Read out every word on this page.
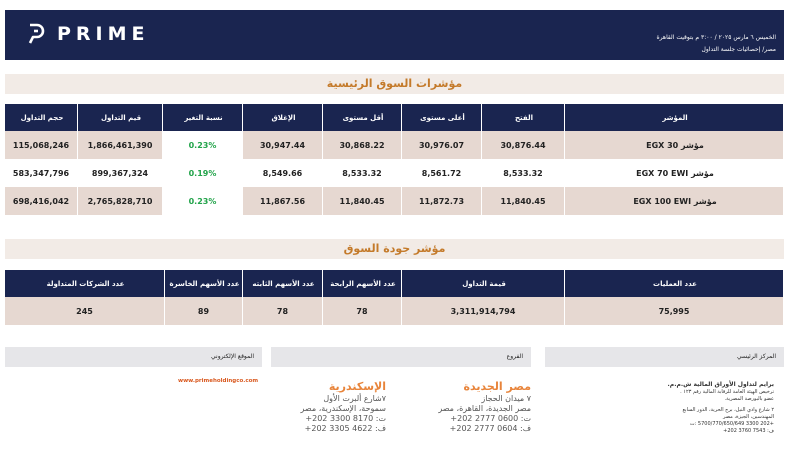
PRIME	الخميس ٦ مارس ٢٠٢٥ / ٣:٠٠ م بتوقيت القاهرة
مصر/ إحصائيات جلسة التداول
مؤشرات السوق الرئيسية
حجم التداول	قيم التداول	نسبة التغير	الإغلاق	أقل مستوى	أعلى مستوى	الفتح	المؤشر
115,068,246	1,866,461,390	0.23%	30,947.44	30,868.22	30,976.07	30,876.44	مؤشر EGX 30
583,347,796	899,367,324	0.19%	8,549.66	8,533.32	8,561.72	8,533.32	مؤشر EGX 70 EWI
698,416,042	2,765,828,710	0.23%	11,867.56	11,840.45	11,872.73	11,840.45	مؤشر EGX 100 EWI
مؤشر جودة السوق
عدد الشركات المتداولة	عدد الأسهم الخاسرة	عدد الأسهم الثابته	عدد الأسهم الرابحة	قيمة التداول	عدد العمليات
245	89	78	78	3,311,914,794	75,995
الموقع الإلكتروني	الفروع	المركز الرئيسي
www.primeholdingco.com	الإسكندرية
٧شارع ألبرت الأول
سموحة، الإسكندرية، مصر
ت: 8170 3300 202+
ف: 4622 3305 202+
مصر الجديدة
٧ ميدان الحجاز
مصر الجديدة، القاهرة، مصر
ت: 0600 2777 202+
ف: 0604 2777 202+
برايم لتداول الأوراق المالية ش.م.م.
ترخيص الهيئة العامة للرقابة المالية رقم ١٢٣ .
عضو بالبورصة المصرية.
٢ شارع وادي النيل، برج الحرية، الدور السابع
المهندسين، الجيزة، مصر
+202 3300 5700/770/650/649 :ت
ف: 7543 3760 202+
